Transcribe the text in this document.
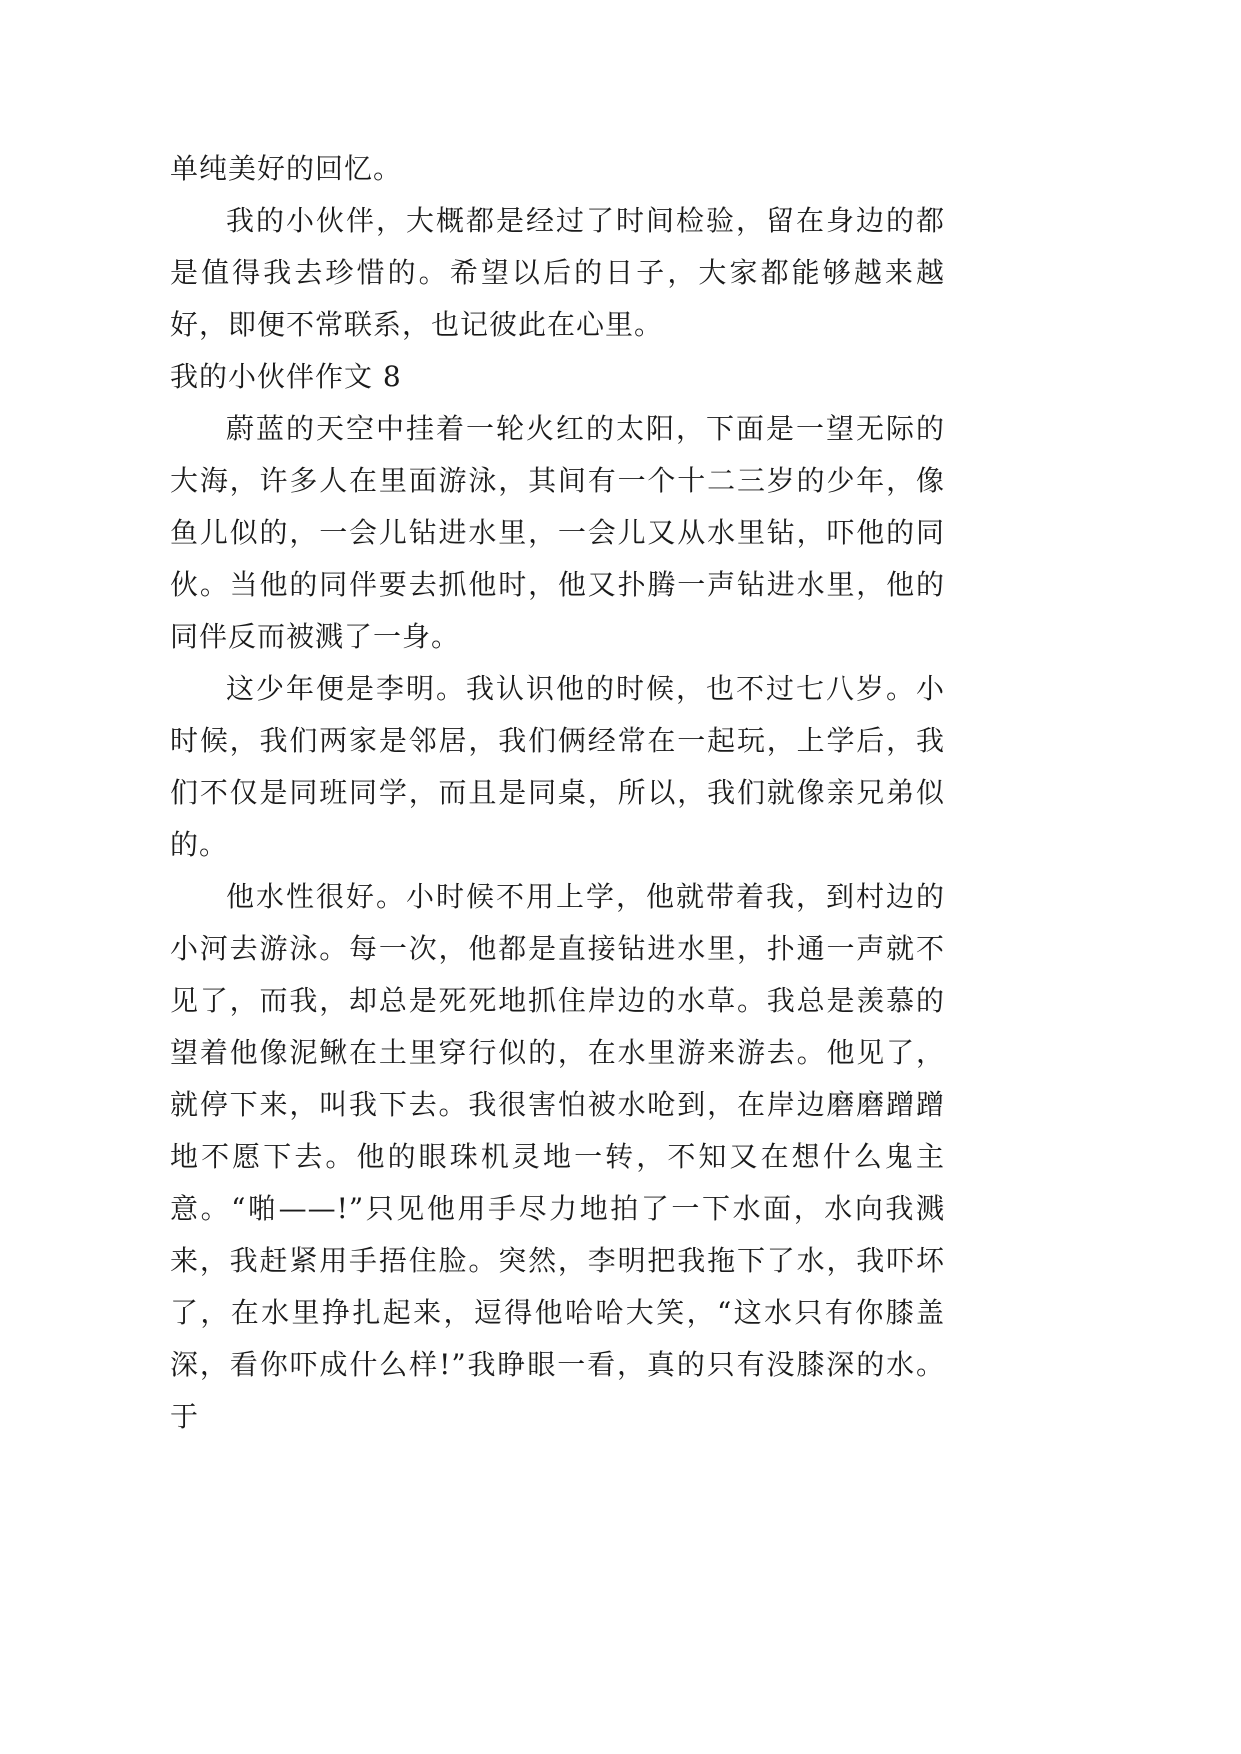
单纯美好的回忆。

我的小伙伴，大概都是经过了时间检验，留在身边的都是值得我去珍惜的。希望以后的日子，大家都能够越来越好，即便不常联系，也记彼此在心里。

我的小伙伴作文 8

蔚蓝的天空中挂着一轮火红的太阳，下面是一望无际的大海，许多人在里面游泳，其间有一个十二三岁的少年，像鱼儿似的，一会儿钻进水里，一会儿又从水里钻，吓他的同伙。当他的同伴要去抓他时，他又扑腾一声钻进水里，他的同伴反而被溅了一身。

这少年便是李明。我认识他的时候，也不过七八岁。小时候，我们两家是邻居，我们俩经常在一起玩，上学后，我们不仅是同班同学，而且是同桌，所以，我们就像亲兄弟似的。

他水性很好。小时候不用上学，他就带着我，到村边的小河去游泳。每一次，他都是直接钻进水里，扑通一声就不见了，而我，却总是死死地抓住岸边的水草。我总是羡慕的望着他像泥鳅在土里穿行似的，在水里游来游去。他见了，就停下来，叫我下去。我很害怕被水呛到，在岸边磨磨蹭蹭地不愿下去。他的眼珠机灵地一转，不知又在想什么鬼主意。“啪——!”只见他用手尽力地拍了一下水面，水向我溅来，我赶紧用手捂住脸。突然，李明把我拖下了水，我吓坏了，在水里挣扎起来，逗得他哈哈大笑，“这水只有你膝盖深，看你吓成什么样!”我睁眼一看，真的只有没膝深的水。于
